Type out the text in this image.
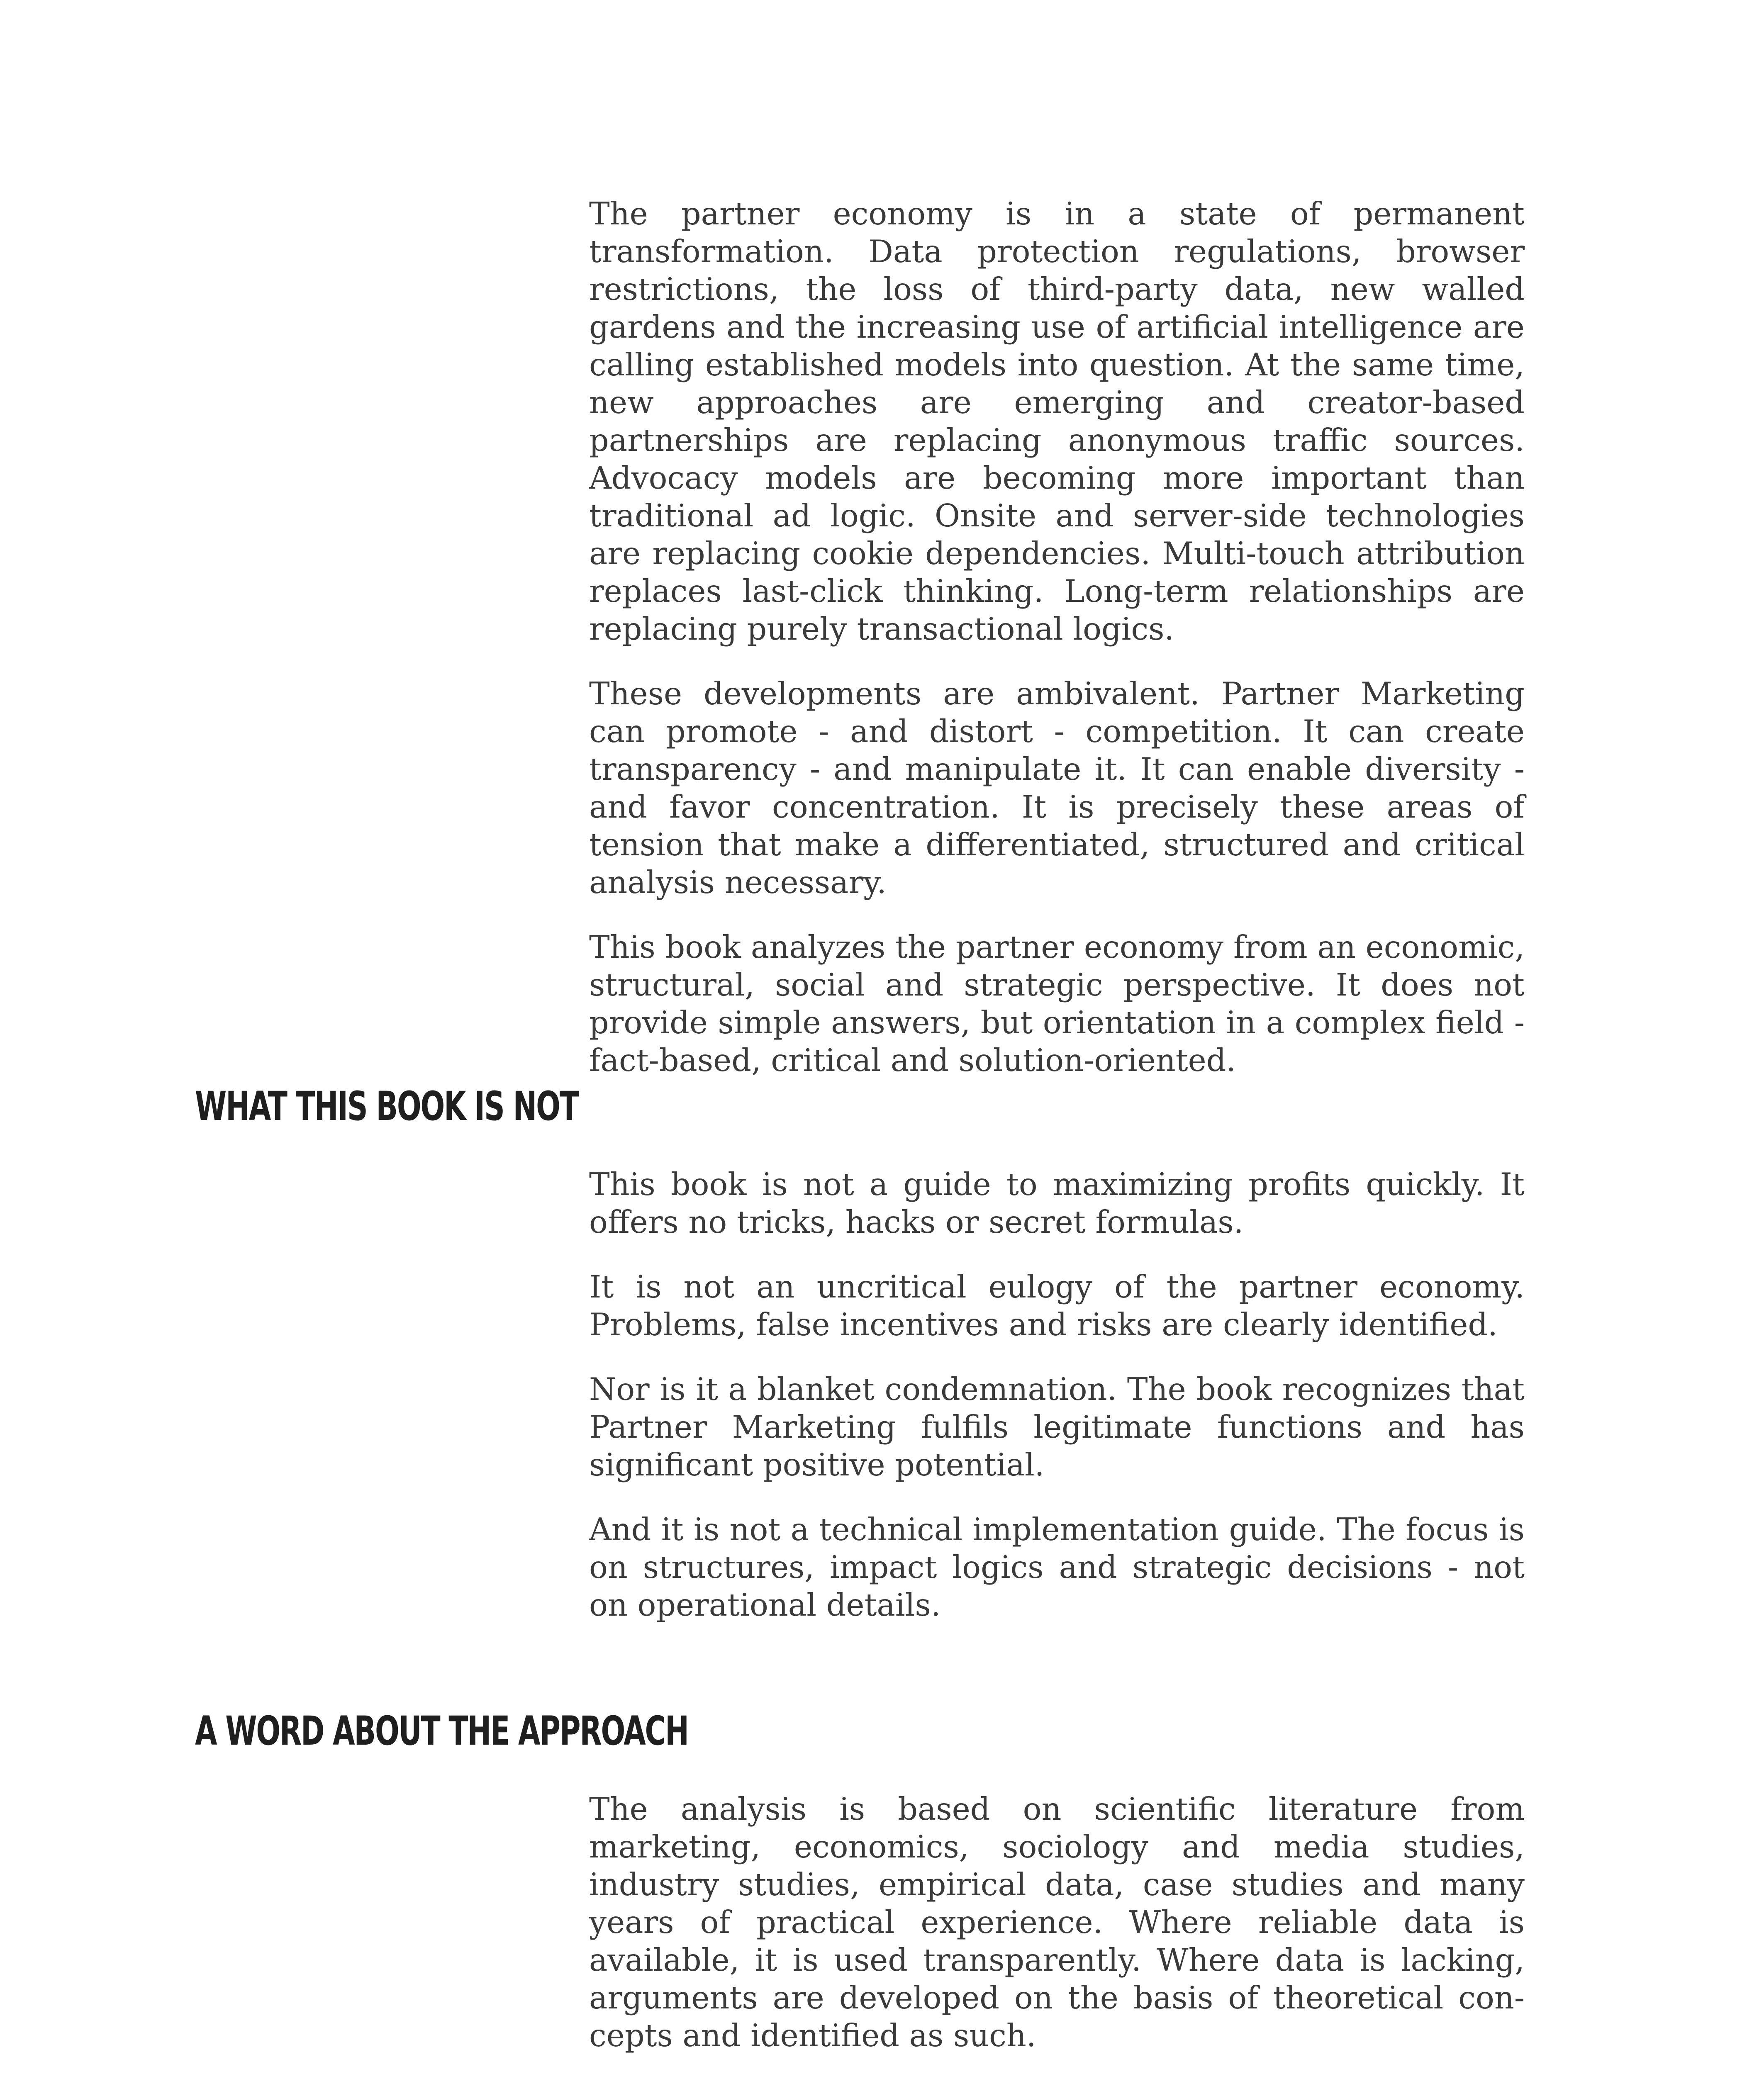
The partner economy is in a state of permanent transformation. Data protection regulations, browser restrictions, the loss of third-party data, new walled gardens and the increasing use of artificial intelligence are calling established models into question. At the same time, new approaches are emerging and creator-based partnerships are replacing anonymous traffic sources. Advocacy models are becoming more important than traditional ad logic. Onsite and server-side technologies are replacing cookie dependencies. Multi-touch attribution replaces last-click thinking. Long-term relationships are replacing purely transactional logics.

These developments are ambivalent. Partner Marketing can promote - and distort - competition. It can create transparency - and manipulate it. It can enable diversity - and favor concentration. It is precisely these areas of tension that make a differentiated, structured and critical analysis necessary.

This book analyzes the partner economy from an economic, structural, social and strategic perspective. It does not provide simple answers, but orientation in a complex field - fact-based, critical and solution-oriented.

WHAT THIS BOOK IS NOT

This book is not a guide to maximizing profits quickly. It offers no tricks, hacks or secret formulas.

It is not an uncritical eulogy of the partner economy. Problems, false incentives and risks are clearly identified.

Nor is it a blanket condemnation. The book recognizes that Partner Marketing fulfils legitimate functions and has significant positive potential.

And it is not a technical implementation guide. The focus is on structures, impact logics and strategic decisions - not on operational details.

A WORD ABOUT THE APPROACH

The analysis is based on scientific literature from marketing, economics, sociology and media studies, industry studies, empirical data, case studies and many years of practical experience. Where reliable data is available, it is used transparently. Where data is lacking, arguments are developed on the basis of theoretical concepts and identified as such.
